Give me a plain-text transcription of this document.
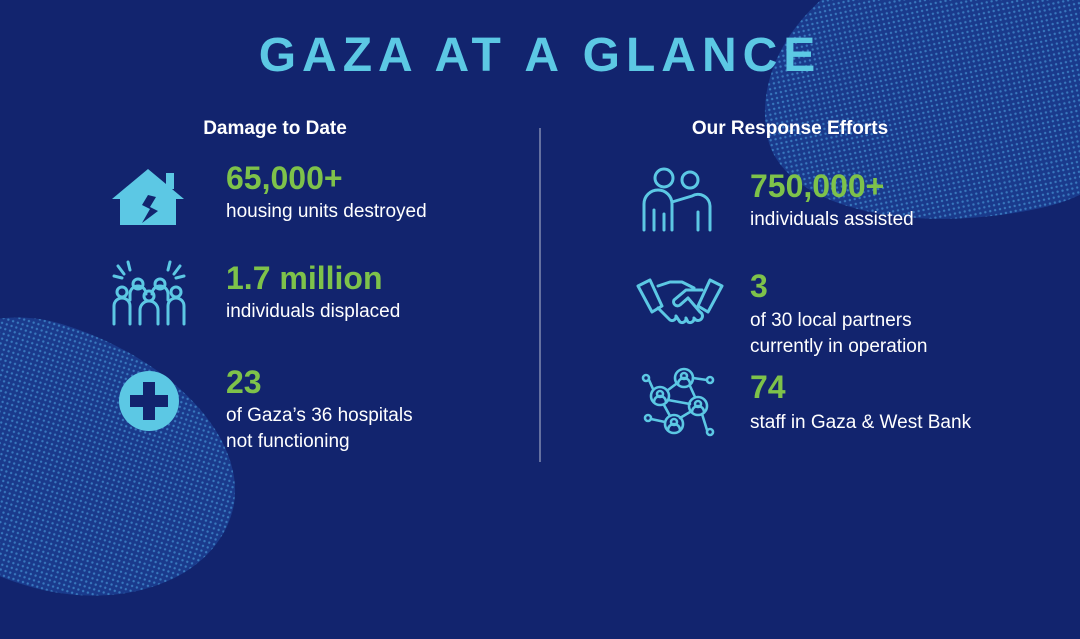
GAZA AT A GLANCE
Damage to Date
65,000+
housing units destroyed
1.7 million
individuals displaced
23
of Gaza’s 36 hospitals
not functioning
Our Response Efforts
750,000+
individuals assisted
3
of 30 local partners
currently in operation
74
staff in Gaza & West Bank
